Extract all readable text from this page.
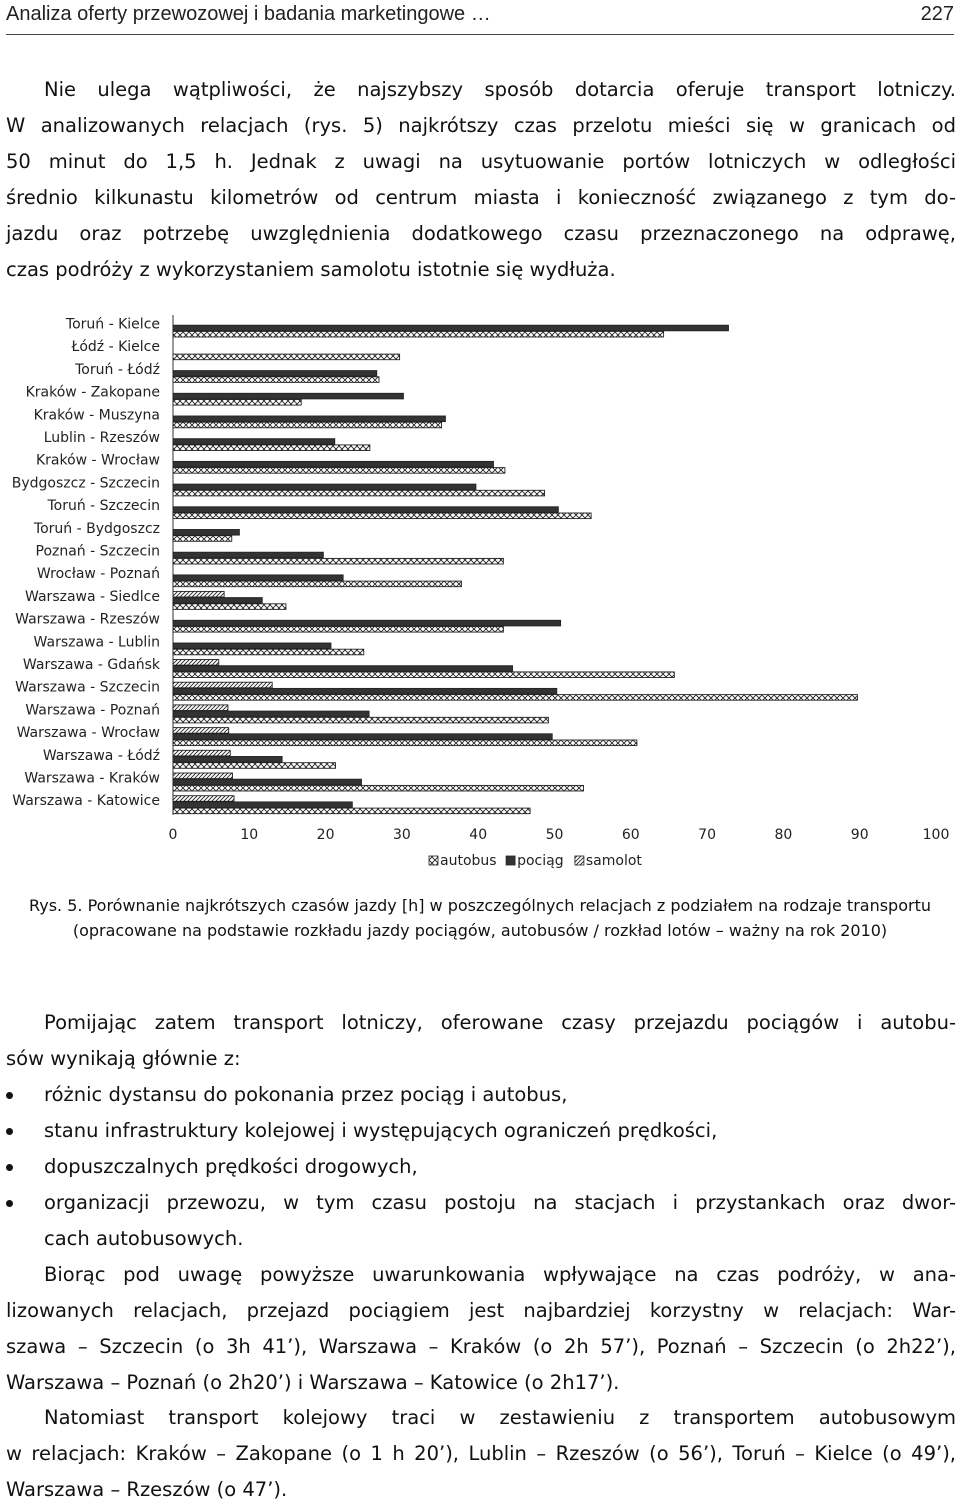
Analiza oferty przewozowej i badania marketingowe …	227

Nie ulega wątpliwości, że najszybszy sposób dotarcia oferuje transport lotniczy.
W analizowanych relacjach (rys. 5) najkrótszy czas przelotu mieści się w granicach od
50 minut do 1,5 h. Jednak z uwagi na usytuowanie portów lotniczych w odległości
średnio kilkunastu kilometrów od centrum miasta i konieczność związanego z tym do-
jazdu oraz potrzebę uwzględnienia dodatkowego czasu przeznaczonego na odprawę,
czas podróży z wykorzystaniem samolotu istotnie się wydłuża.

Toruń - Kielce
Łódź - Kielce
Toruń - Łódź
Kraków - Zakopane
Kraków - Muszyna
Lublin - Rzeszów
Kraków - Wrocław
Bydgoszcz - Szczecin
Toruń - Szczecin
Toruń - Bydgoszcz
Poznań - Szczecin
Wrocław - Poznań
Warszawa - Siedlce
Warszawa - Rzeszów
Warszawa - Lublin
Warszawa - Gdańsk
Warszawa - Szczecin
Warszawa - Poznań
Warszawa - Wrocław
Warszawa - Łódź
Warszawa - Kraków
Warszawa - Katowice
0	10	20	30	40	50	60	70	80	90	100
autobus pociąg samolot
Rys. 5. Porównanie najkrótszych czasów jazdy [h] w poszczególnych relacjach z podziałem na rodzaje transportu (opracowane na podstawie rozkładu jazdy pociągów, autobusów / rozkład lotów – ważny na rok 2010)

Pomijając zatem transport lotniczy, oferowane czasy przejazdu pociągów i autobu-
sów wynikają głównie z:

różnic dystansu do pokonania przez pociąg i autobus,
stanu infrastruktury kolejowej i występujących ograniczeń prędkości,
dopuszczalnych prędkości drogowych,
organizacji przewozu, w tym czasu postoju na stacjach i przystankach oraz dwor-
cach autobusowych.

Biorąc pod uwagę powyższe uwarunkowania wpływające na czas podróży, w ana-
lizowanych relacjach, przejazd pociągiem jest najbardziej korzystny w relacjach: War-
szawa – Szczecin (o 3h 41’), Warszawa – Kraków (o 2h 57’), Poznań – Szczecin (o 2h22’),
Warszawa – Poznań (o 2h20’) i Warszawa – Katowice (o 2h17’).

Natomiast transport kolejowy traci w zestawieniu z transportem autobusowym
w relacjach: Kraków – Zakopane (o 1 h 20’), Lublin – Rzeszów (o 56’), Toruń – Kielce (o 49’),
Warszawa – Rzeszów (o 47’).
